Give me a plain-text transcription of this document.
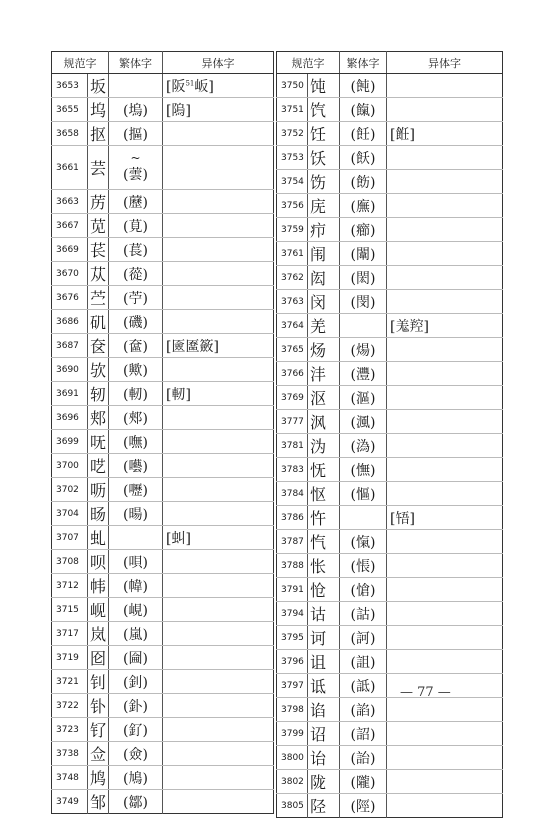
规范字		繁体字	异体字
3653	坂		[阪$^{51}$岅]
3655	坞	(塢)	[隖]
3658	抠	(摳)	
3661	芸	~
(蕓)	
3663	苈	(藶)	
3667	苋	(莧)	
3669	苌	(萇)	
3670	苁	(蓯)	
3676	苎	(苧)	
3686	矶	(磯)	
3687	奁	(奩)	[匳匲籢]
3690	欤	(歟)	
3691	轫	(軔)	[軔]
3696	郏	(郟)	
3699	呒	(嘸)	
3700	呓	(囈)	
3702	呖	(嚦)	
3704	旸	(暘)	
3707	虬		[虯]
3708	呗	(唄)	
3712	帏	(幃)	
3715	岘	(峴)	
3717	岚	(嵐)	
3719	囵	(圇)	
3721	钊	(釗)	
3722	钋	(釙)	
3723	钌	(釕)	
3738	佥	(僉)	
3748	鸠	(鳩)	
3749	邹	(鄒)	
规范字		繁体字	异体字
3750	饨	(飩)	
3751	饩	(餼)	
3752	饪	(飪)	[餁]
3753	饫	(飫)	
3754	饬	(飭)	
3756	庑	(廡)	
3759	疖	(癤)	
3761	闱	(闈)	
3762	闳	(閎)	
3763	闵	(閔)	
3764	羌		[羗羫]
3765	炀	(煬)	
3766	沣	(灃)	
3769	沤	(漚)	
3777	沨	(渢)	
3781	沩	(溈)	
3783	怃	(憮)	
3784	怄	(慪)	
3786	忤		[啎]
3787	忾	(愾)	
3788	怅	(悵)	
3791	怆	(愴)	
3794	诂	(詁)	
3795	诃	(訶)	
3796	诅	(詛)	
3797	诋	(詆)	
3798	谄	(諂)	
3799	诏	(詔)	
3800	诒	(詒)	
3802	陇	(隴)	
3805	陉	(陘)	
— 77 —
